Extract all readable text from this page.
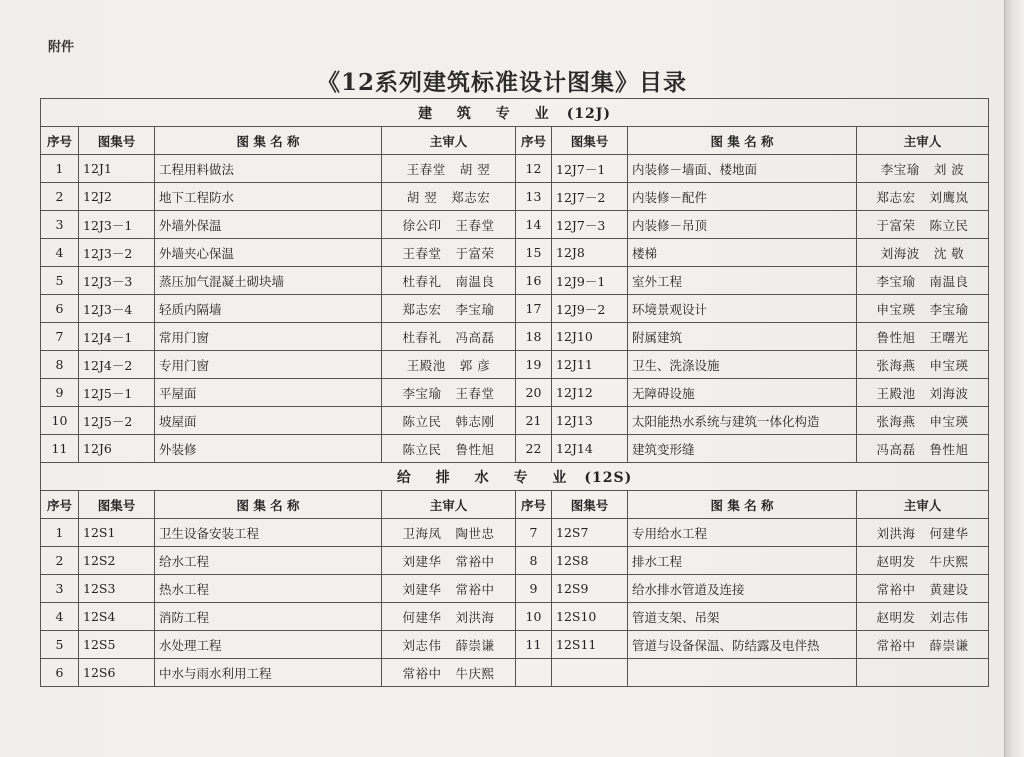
附件
《12系列建筑标准设计图集》目录
建 筑 专 业 (12J)							
序号	图集号	图 集 名 称	主审人	序号	图集号	图 集 名 称	主审人
1	12J1	工程用料做法	王春堂 胡 翌	12	12J7－1	内装修－墙面、楼地面	李宝瑜 刘 波
2	12J2	地下工程防水	胡 翌 郑志宏	13	12J7－2	内装修－配件	郑志宏 刘鹰岚
3	12J3－1	外墙外保温	徐公印 王春堂	14	12J7－3	内装修－吊顶	于富荣 陈立民
4	12J3－2	外墙夹心保温	王春堂 于富荣	15	12J8	楼梯	刘海波 沈 敬
5	12J3－3	蒸压加气混凝土砌块墙	杜春礼 南温良	16	12J9－1	室外工程	李宝瑜 南温良
6	12J3－4	轻质内隔墙	郑志宏 李宝瑜	17	12J9－2	环境景观设计	申宝瑛 李宝瑜
7	12J4－1	常用门窗	杜春礼 冯高磊	18	12J10	附属建筑	鲁性旭 王曙光
8	12J4－2	专用门窗	王殿池 郭 彦	19	12J11	卫生、洗涤设施	张海燕 申宝瑛
9	12J5－1	平屋面	李宝瑜 王春堂	20	12J12	无障碍设施	王殿池 刘海波
10	12J5－2	坡屋面	陈立民 韩志刚	21	12J13	太阳能热水系统与建筑一体化构造	张海燕 申宝瑛
11	12J6	外装修	陈立民 鲁性旭	22	12J14	建筑变形缝	冯高磊 鲁性旭
给 排 水 专 业 (12S)							
序号	图集号	图 集 名 称	主审人	序号	图集号	图 集 名 称	主审人
1	12S1	卫生设备安装工程	卫海凤 陶世忠	7	12S7	专用给水工程	刘洪海 何建华
2	12S2	给水工程	刘建华 常裕中	8	12S8	排水工程	赵明发 牛庆熙
3	12S3	热水工程	刘建华 常裕中	9	12S9	给水排水管道及连接	常裕中 黄建设
4	12S4	消防工程	何建华 刘洪海	10	12S10	管道支架、吊架	赵明发 刘志伟
5	12S5	水处理工程	刘志伟 薛崇谦	11	12S11	管道与设备保温、防结露及电伴热	常裕中 薛崇谦
6	12S6	中水与雨水利用工程	常裕中 牛庆熙				
